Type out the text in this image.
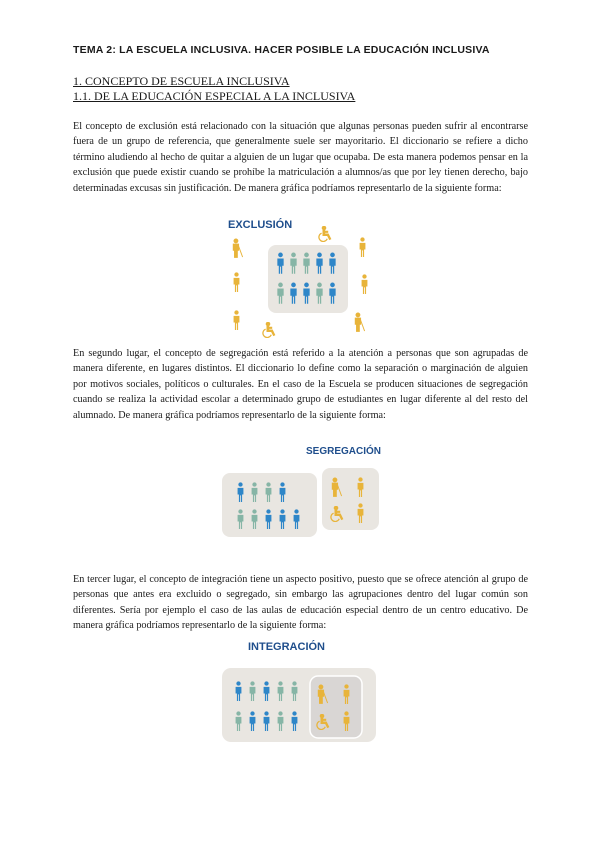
TEMA 2: LA ESCUELA INCLUSIVA. HACER POSIBLE LA EDUCACIÓN INCLUSIVA

1. CONCEPTO DE ESCUELA INCLUSIVA

1.1. DE LA EDUCACIÓN ESPECIAL A LA INCLUSIVA

El concepto de exclusión está relacionado con la situación que algunas personas pueden sufrir al encontrarse fuera de un grupo de referencia, que generalmente suele ser mayoritario. El diccionario se refiere a dicho término aludiendo al hecho de quitar a alguien de un lugar que ocupaba. De esta manera podemos pensar en la exclusión que puede existir cuando se prohíbe la matriculación a alumnos/as que por ley tienen derecho, bajo determinadas excusas sin justificación. De manera gráfica podríamos representarlo de la siguiente forma:

EXCLUSIÓN

En segundo lugar, el concepto de segregación está referido a la atención a personas que son agrupadas de manera diferente, en lugares distintos. El diccionario lo define como la separación o marginación de alguien por motivos sociales, políticos o culturales. En el caso de la Escuela se producen situaciones de segregación cuando se realiza la actividad escolar a determinado grupo de estudiantes en lugar diferente al del resto del alumnado. De manera gráfica podríamos representarlo de la siguiente forma:

SEGREGACIÓN

En tercer lugar, el concepto de integración tiene un aspecto positivo, puesto que se ofrece atención al grupo de personas que antes era excluido o segregado, sin embargo las agrupaciones dentro del lugar común son diferentes. Sería por ejemplo el caso de las aulas de educación especial dentro de un centro educativo. De manera gráfica podríamos representarlo de la siguiente forma:

INTEGRACIÓN
